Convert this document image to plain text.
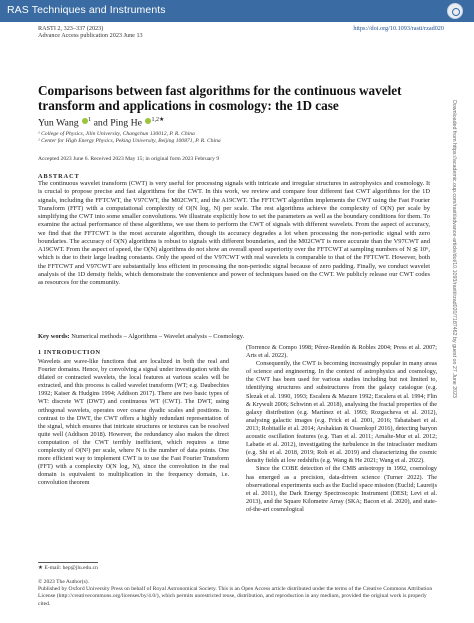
RAS Techniques and Instruments
RASTI 2, 323–337 (2023)
Advance Access publication 2023 June 13
https://doi.org/10.1093/rasti/rzad020
Comparisons between fast algorithms for the continuous wavelet transform and applications in cosmology: the 1D case
Yun Wang $^1$ and Ping He $^{1,2★}$
¹ College of Physics, Jilin University, Changchun 130012, P. R. China
² Center for High Energy Physics, Peking University, Beijing 100871, P. R. China
Accepted 2023 June 6. Received 2023 May 15; in original form 2023 February 9
ABSTRACT
The continuous wavelet transform (CWT) is very useful for processing signals with intricate and irregular structures in astrophysics and cosmology. It is crucial to propose precise and fast algorithms for the CWT. In this work, we review and compare four different fast CWT algorithms for the 1D signals, including the FFTCWT, the V97CWT, the M02CWT, and the A19CWT. The FFTCWT algorithm implements the CWT using the Fast Fourier Transform (FFT) with a computational complexity of O(N log₂ N) per scale. The rest algorithms achieve the complexity of O(N) per scale by simplifying the CWT into some smaller convolutions. We illustrate explicitly how to set the parameters as well as the boundary conditions for them. To examine the actual performance of these algorithms, we use them to perform the CWT of signals with different wavelets. From the aspect of accuracy, we find that the FFTCWT is the most accurate algorithm, though its accuracy degrades a lot when processing the non-periodic signal with zero boundaries. The accuracy of O(N) algorithms is robust to signals with different boundaries, and the M02CWT is more accurate than the V97CWT and A19CWT. From the aspect of speed, the O(N) algorithms do not show an overall speed superiority over the FFTCWT at sampling numbers of N ≲ 10⁶, which is due to their large leading constants. Only the speed of the V97CWT with real wavelets is comparable to that of the FFTCWT. However, both the FFTCWT and V97CWT are substantially less efficient in processing the non-periodic signal because of zero padding. Finally, we conduct wavelet analysis of the 1D density fields, which demonstrate the convenience and power of techniques based on the CWT. We publicly release our CWT codes as resources for the community.
Key words: Numerical methods – Algorithms – Wavelet analysis – Cosmology.
1 INTRODUCTION

Wavelets are wave-like functions that are localized in both the real and Fourier domains. Hence, by convolving a signal under investigation with the dilated or contracted wavelets, the local features at various scales will be extracted, and this process is called wavelet transform (WT; e.g. Daubechies 1992; Kaiser & Hudgins 1994; Addison 2017). There are two basic types of WT: discrete WT (DWT) and continuous WT (CWT). The DWT, using orthogonal wavelets, operates over coarse dyadic scales and positions. In contrast to the DWT, the CWT offers a highly redundant representation of the signal, which ensures that intricate structures or textures can be resolved quite well (Addison 2018). However, the redundancy also makes the direct computation of the CWT terribly inefficient, which requires a time complexity of O(N²) per scale, where N is the number of data points. One more efficient way to implement CWT is to use the Fast Fourier Transform (FFT) with a complexity O(N log₂ N), since the convolution in the real domain is equivalent to multiplication in the frequency domain, i.e. convolution theorem

(Torrence & Compo 1998; Pérez-Rendón & Robles 2004; Press et al. 2007; Arts et al. 2022).

Consequently, the CWT is becoming increasingly popular in many areas of science and engineering. In the context of astrophysics and cosmology, the CWT has been used for various studies including but not limited to, identifying structures and substructures from the galaxy catalogue (e.g. Slezak et al. 1990, 1993; Escalera & Mazure 1992; Escalera et al. 1994; Flin & Krywult 2006; Schwinn et al. 2018), analysing the fractal properties of the galaxy distribution (e.g. Martínez et al. 1993; Rozgacheva et al. 2012), analysing galactic images (e.g. Frick et al. 2001, 2016; Tabatabaei et al. 2013; Robitaille et al. 2014; Arshakian & Ossenkopf 2016), detecting baryon acoustic oscillation features (e.g. Tian et al. 2011; Arnalte-Mur et al. 2012; Labatie et al. 2012), investigating the turbulence in the intracluster medium (e.g. Shi et al. 2018, 2019; Roh et al. 2019) and characterizing the cosmic density fields at low redshifts (e.g. Wang & He 2021; Wang et al. 2022).

Since the COBE detection of the CMB anisotropy in 1992, cosmology has emerged as a precision, data-driven science (Turner 2022). The observational experiments such as the Euclid space mission (Euclid; Laureijs et al. 2011), the Dark Energy Spectroscopic Instrument (DESI; Levi et al. 2013), and the Square Kilometre Array (SKA; Bacon et al. 2020), and state-of-the-art cosmological

★ E-mail: hep@jlu.edu.cn
© 2023 The Author(s).
Published by Oxford University Press on behalf of Royal Astronomical Society. This is an Open Access article distributed under the terms of the Creative Commons Attribution License (http://creativecommons.org/licenses/by/4.0/), which permits unrestricted reuse, distribution, and reproduction in any medium, provided the original work is properly cited.
Downloaded from https://academic.oup.com/rasti/advance-article/doi/10.1093/rasti/rzad020/7187462 by guest on 27 June 2023
